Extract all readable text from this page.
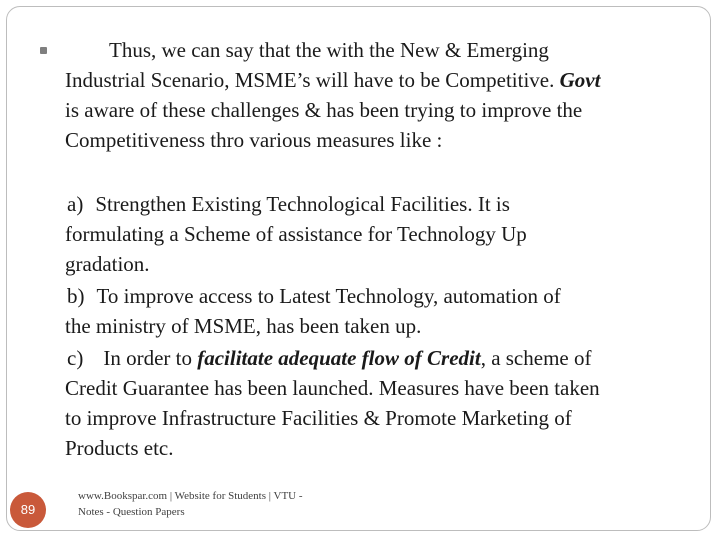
Thus, we can say that the with the New & Emerging
Industrial Scenario, MSME’s will have to be Competitive. Govt
is aware of these challenges & has been trying to improve the
Competitiveness thro various measures like :
a) Strengthen Existing Technological Facilities. It is
formulating a Scheme of assistance for Technology Up
gradation.
b) To improve access to Latest Technology, automation of
the ministry of MSME, has been taken up.
c) In order to facilitate adequate flow of Credit, a scheme of
Credit Guarantee has been launched. Measures have been taken
to improve Infrastructure Facilities & Promote Marketing of
Products etc.
89
www.Bookspar.com | Website for Students | VTU -
Notes - Question Papers
